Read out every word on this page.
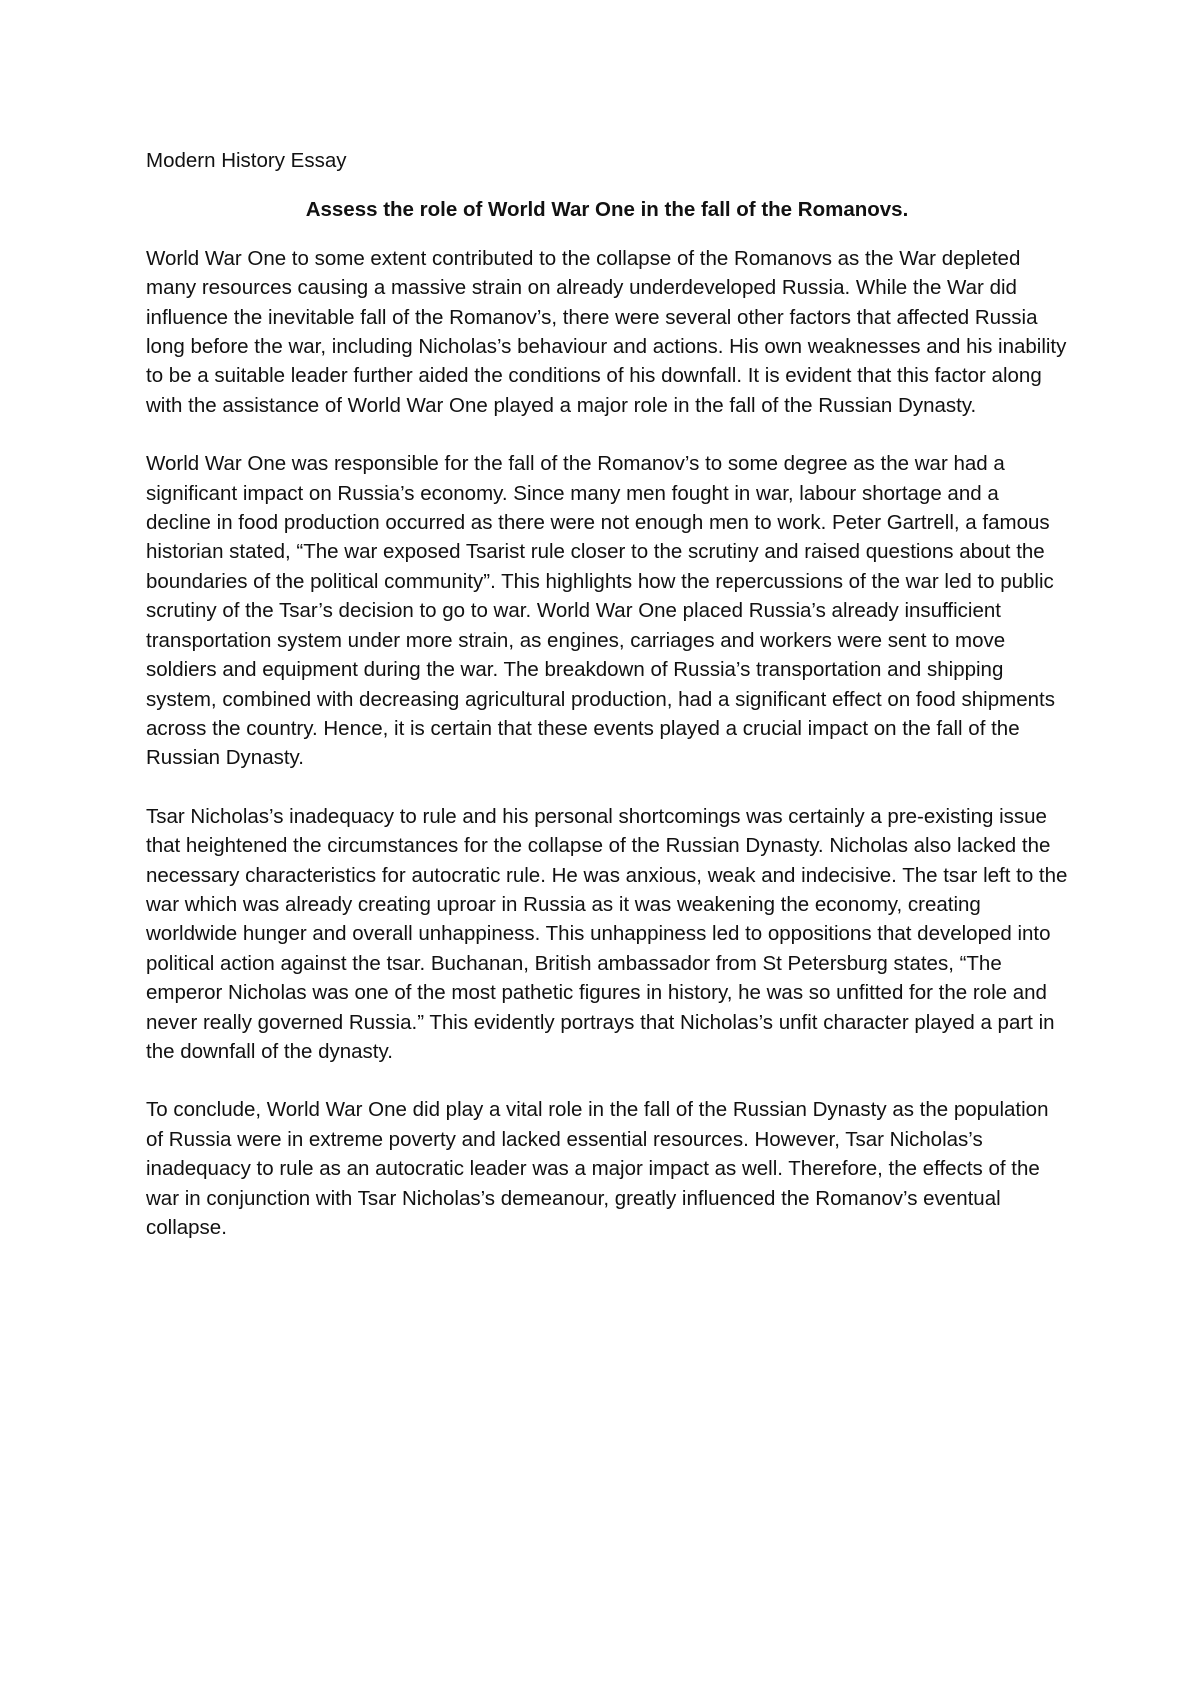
Modern History Essay

Assess the role of World War One in the fall of the Romanovs.

World War One to some extent contributed to the collapse of the Romanovs as the War depleted many resources causing a massive strain on already underdeveloped Russia. While the War did influence the inevitable fall of the Romanov’s, there were several other factors that affected Russia long before the war, including Nicholas’s behaviour and actions. His own weaknesses and his inability to be a suitable leader further aided the conditions of his downfall. It is evident that this factor along with the assistance of World War One played a major role in the fall of the Russian Dynasty.

World War One was responsible for the fall of the Romanov’s to some degree as the war had a significant impact on Russia’s economy. Since many men fought in war, labour shortage and a decline in food production occurred as there were not enough men to work. Peter Gartrell, a famous historian stated, “The war exposed Tsarist rule closer to the scrutiny and raised questions about the boundaries of the political community”. This highlights how the repercussions of the war led to public scrutiny of the Tsar’s decision to go to war. World War One placed Russia’s already insufficient transportation system under more strain, as engines, carriages and workers were sent to move soldiers and equipment during the war. The breakdown of Russia’s transportation and shipping system, combined with decreasing agricultural production, had a significant effect on food shipments across the country. Hence, it is certain that these events played a crucial impact on the fall of the Russian Dynasty.

Tsar Nicholas’s inadequacy to rule and his personal shortcomings was certainly a pre-existing issue that heightened the circumstances for the collapse of the Russian Dynasty. Nicholas also lacked the necessary characteristics for autocratic rule. He was anxious, weak and indecisive. The tsar left to the war which was already creating uproar in Russia as it was weakening the economy, creating worldwide hunger and overall unhappiness. This unhappiness led to oppositions that developed into political action against the tsar. Buchanan, British ambassador from St Petersburg states, “The emperor Nicholas was one of the most pathetic figures in history, he was so unfitted for the role and never really governed Russia.” This evidently portrays that Nicholas’s unfit character played a part in the downfall of the dynasty.

To conclude, World War One did play a vital role in the fall of the Russian Dynasty as the population of Russia were in extreme poverty and lacked essential resources. However, Tsar Nicholas’s inadequacy to rule as an autocratic leader was a major impact as well. Therefore, the effects of the war in conjunction with Tsar Nicholas’s demeanour, greatly influenced the Romanov’s eventual collapse.
